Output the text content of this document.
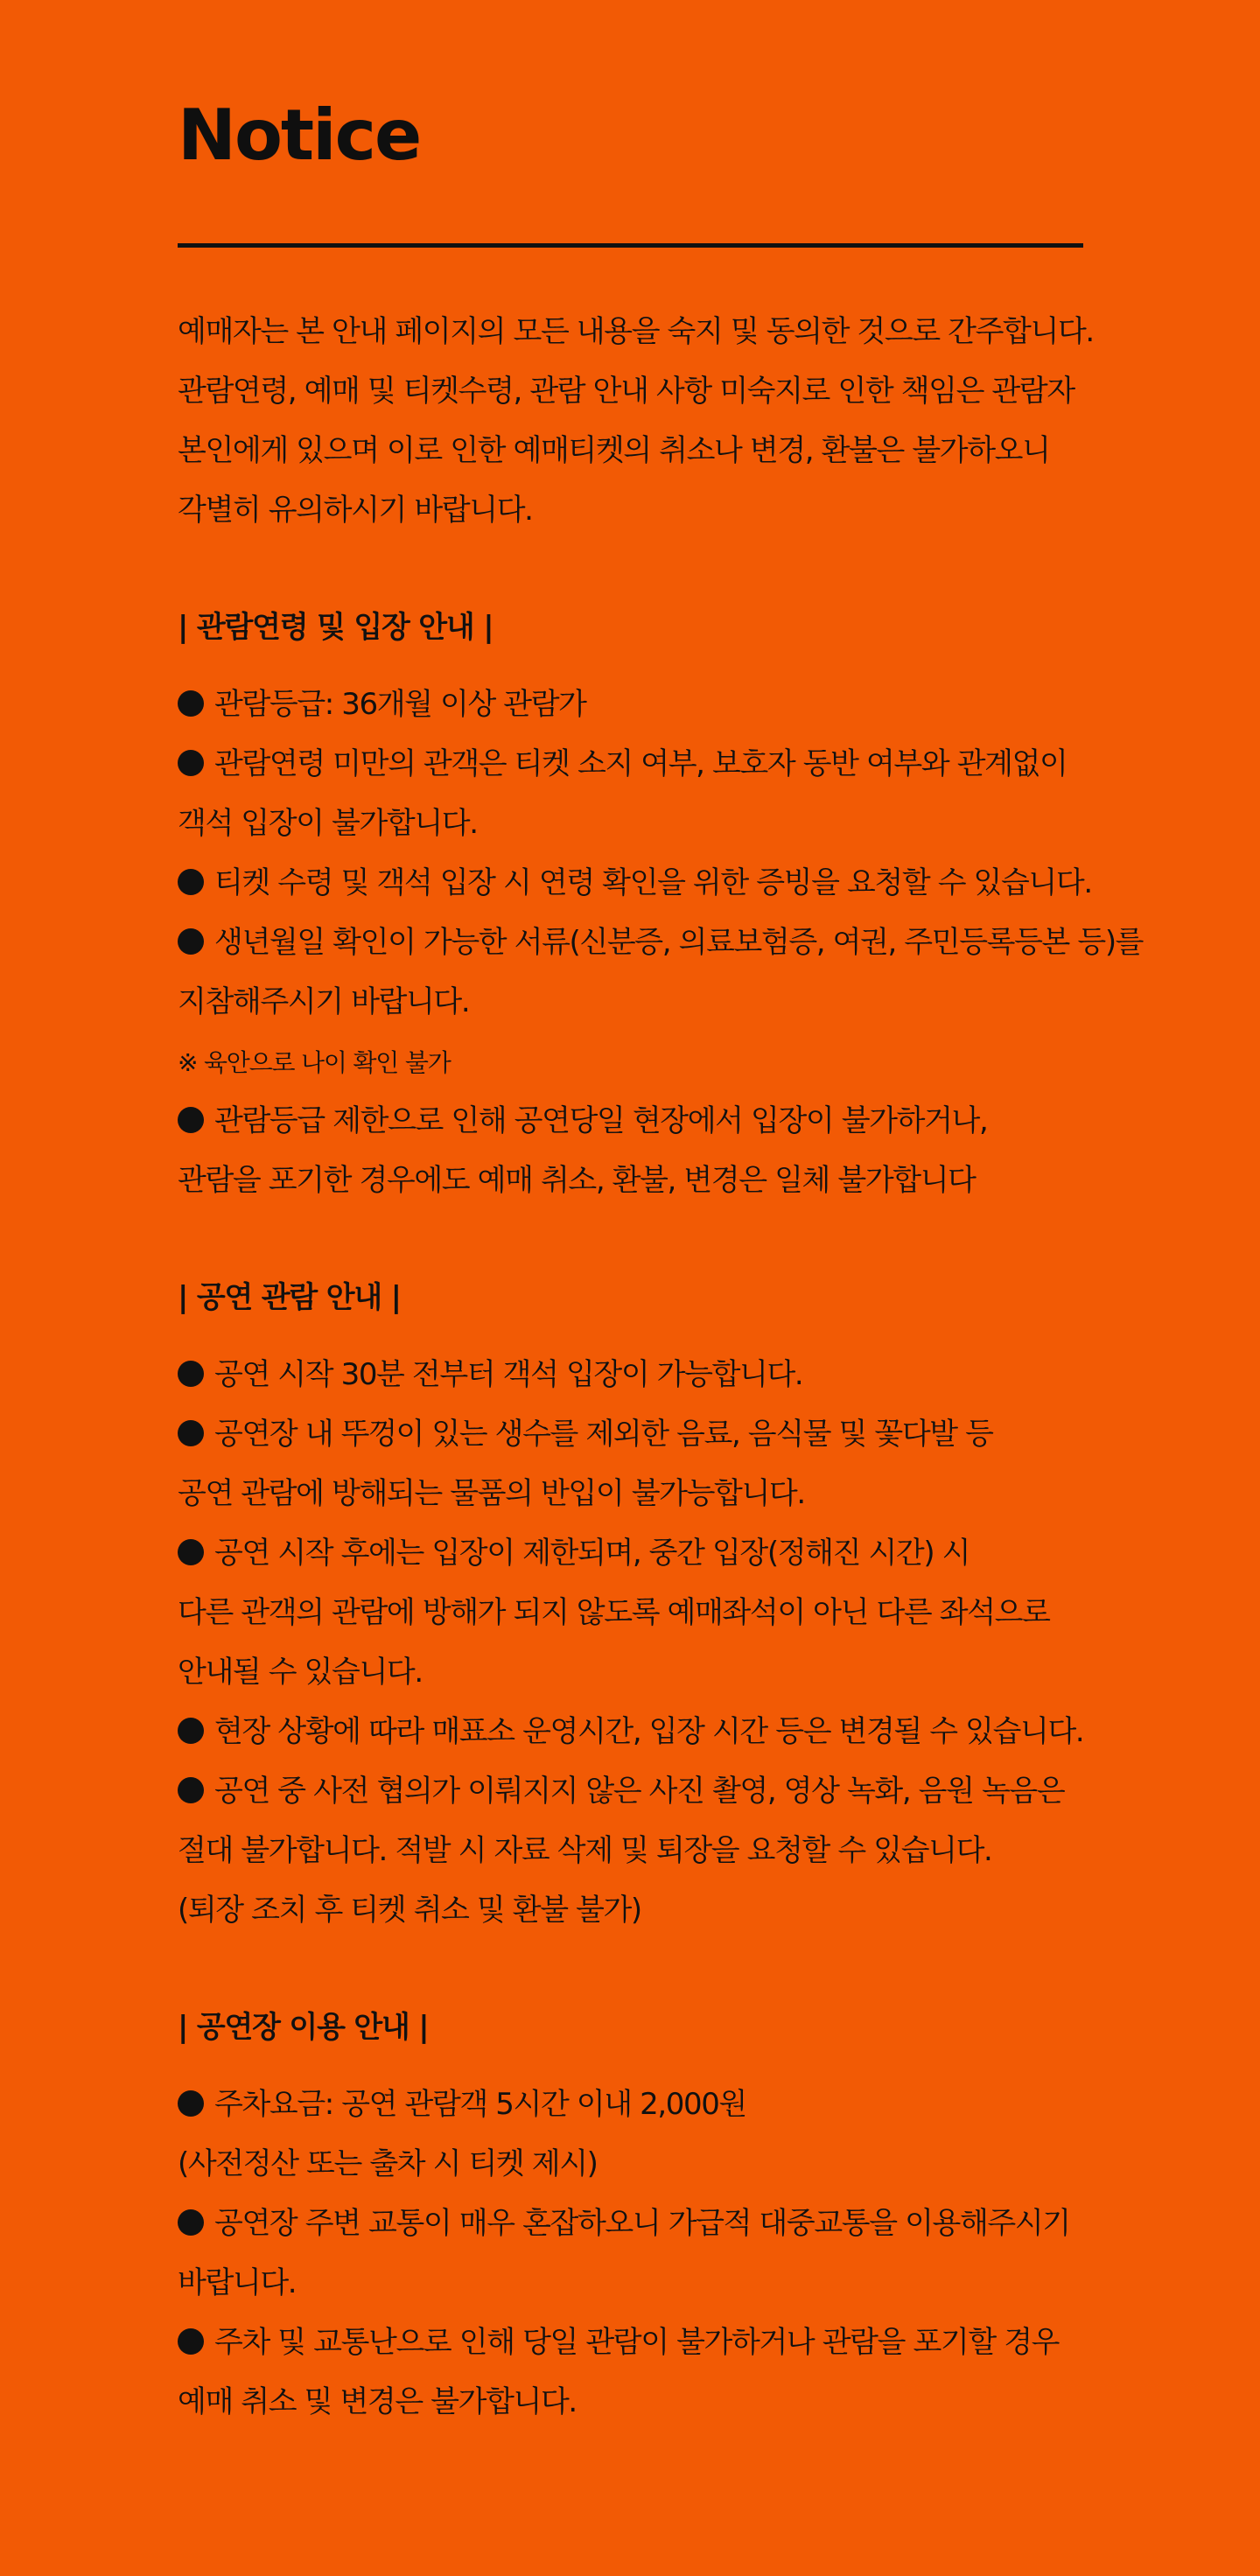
Notice
예매자는 본 안내 페이지의 모든 내용을 숙지 및 동의한 것으로 간주합니다.
관람연령, 예매 및 티켓수령, 관람 안내 사항 미숙지로 인한 책임은 관람자
본인에게 있으며 이로 인한 예매티켓의 취소나 변경, 환불은 불가하오니
각별히 유의하시기 바랍니다.
| 관람연령 및 입장 안내 |
관람등급: 36개월 이상 관람가
관람연령 미만의 관객은 티켓 소지 여부, 보호자 동반 여부와 관계없이
객석 입장이 불가합니다.
티켓 수령 및 객석 입장 시 연령 확인을 위한 증빙을 요청할 수 있습니다.
생년월일 확인이 가능한 서류(신분증, 의료보험증, 여권, 주민등록등본 등)를
지참해주시기 바랍니다.
※ 육안으로 나이 확인 불가
관람등급 제한으로 인해 공연당일 현장에서 입장이 불가하거나,
관람을 포기한 경우에도 예매 취소, 환불, 변경은 일체 불가합니다
| 공연 관람 안내 |
공연 시작 30분 전부터 객석 입장이 가능합니다.
공연장 내 뚜껑이 있는 생수를 제외한 음료, 음식물 및 꽃다발 등
공연 관람에 방해되는 물품의 반입이 불가능합니다.
공연 시작 후에는 입장이 제한되며, 중간 입장(정해진 시간) 시
다른 관객의 관람에 방해가 되지 않도록 예매좌석이 아닌 다른 좌석으로
안내될 수 있습니다.
현장 상황에 따라 매표소 운영시간, 입장 시간 등은 변경될 수 있습니다.
공연 중 사전 협의가 이뤄지지 않은 사진 촬영, 영상 녹화, 음원 녹음은
절대 불가합니다. 적발 시 자료 삭제 및 퇴장을 요청할 수 있습니다.
(퇴장 조치 후 티켓 취소 및 환불 불가)
| 공연장 이용 안내 |
주차요금: 공연 관람객 5시간 이내 2,000원
(사전정산 또는 출차 시 티켓 제시)
공연장 주변 교통이 매우 혼잡하오니 가급적 대중교통을 이용해주시기
바랍니다.
주차 및 교통난으로 인해 당일 관람이 불가하거나 관람을 포기할 경우
예매 취소 및 변경은 불가합니다.
